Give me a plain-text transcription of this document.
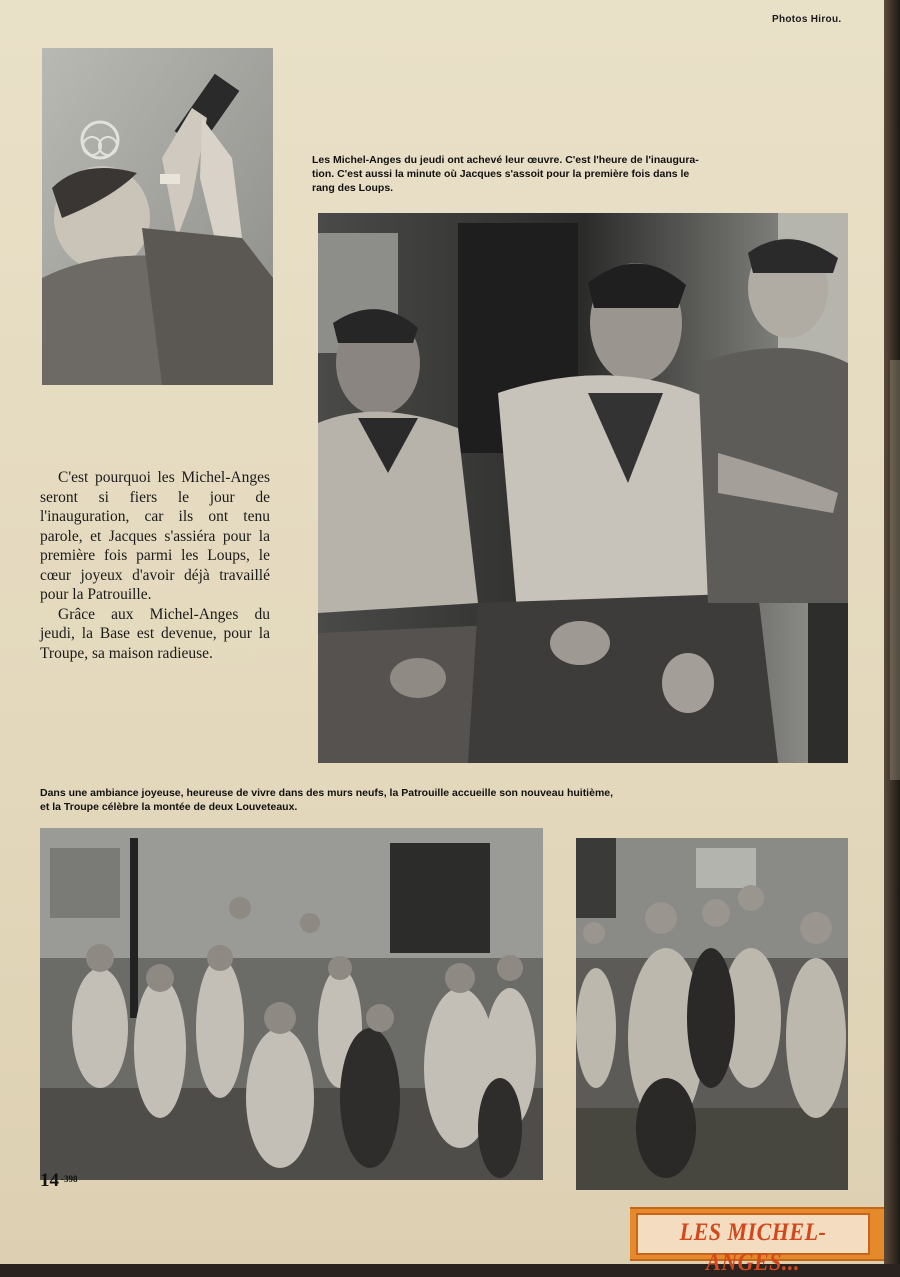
Photos Hirou.
Les Michel-Anges du jeudi ont achevé leur œuvre. C'est l'heure de l'inaugura-
tion. C'est aussi la minute où Jacques s'assoit pour la première fois dans le
rang des Loups.

C'est pourquoi les Michel-Anges seront si fiers le jour de l'inauguration, car ils ont tenu parole, et Jacques s'assiéra pour la première fois parmi les Loups, le cœur joyeux d'avoir déjà travaillé pour la Patrouille.

Grâce aux Michel-Anges du jeudi, la Base est devenue, pour la Troupe, sa maison radieuse.

Dans une ambiance joyeuse, heureuse de vivre dans des murs neufs, la Patrouille accueille son nouveau huitième,
et la Troupe célèbre la montée de deux Louveteaux.
14 $^{-398}$
LES MICHEL-ANGES...
